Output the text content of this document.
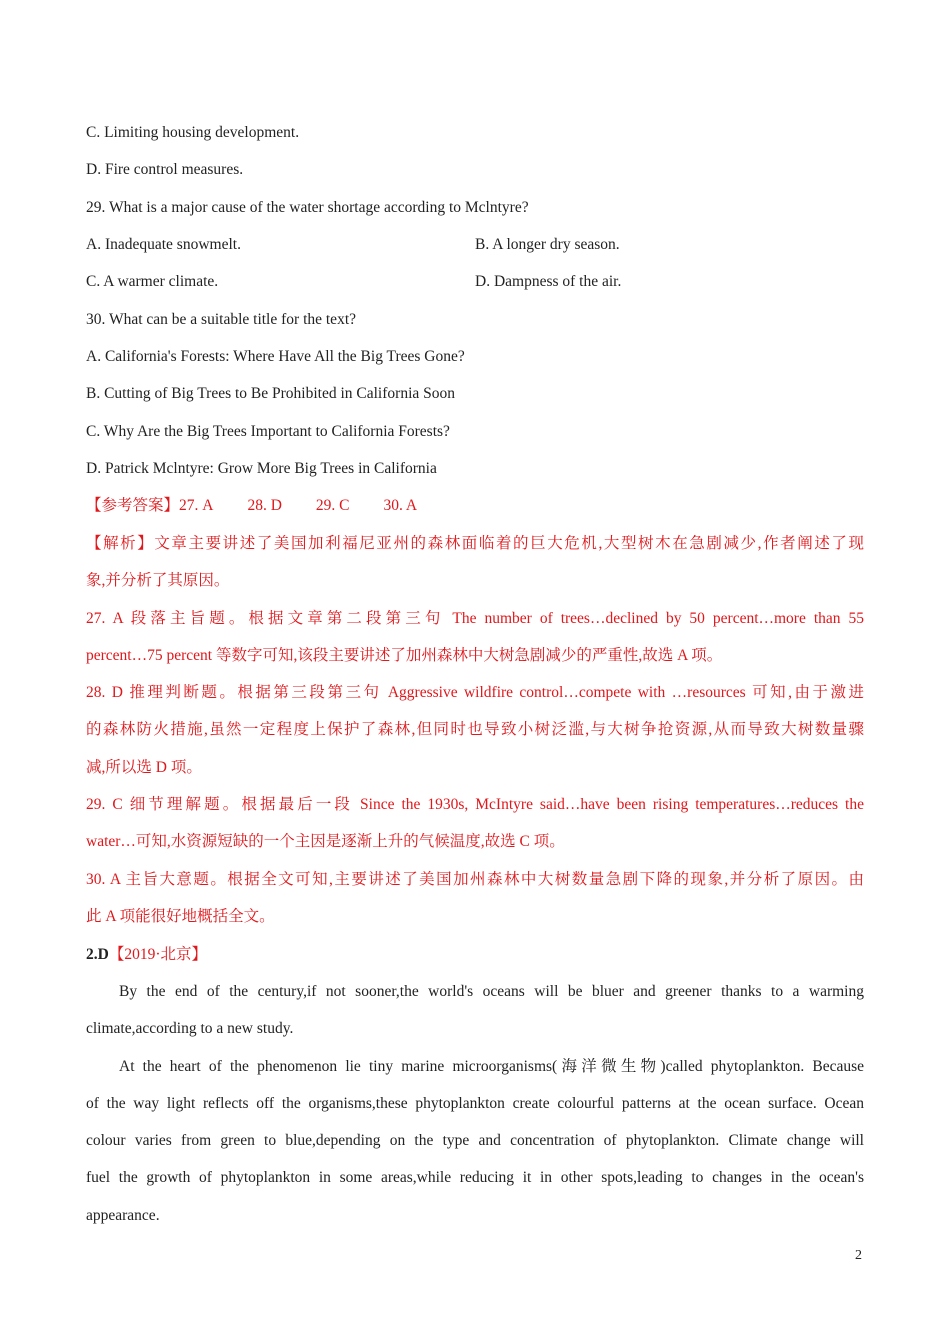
C. Limiting housing development.
D. Fire control measures.
29. What is a major cause of the water shortage according to Mclntyre?
A. Inadequate snowmelt.	B. A longer dry season.
C. A warmer climate.	D. Dampness of the air.
30. What can be a suitable title for the text?
A. California's Forests: Where Have All the Big Trees Gone?
B. Cutting of Big Trees to Be Prohibited in California Soon
C. Why Are the Big Trees Important to California Forests?
D. Patrick Mclntyre: Grow More Big Trees in California
【参考答案】27. A 28. D 29. C 30. A
【解析】文章主要讲述了美国加利福尼亚州的森林面临着的巨大危机,大型树木在急剧减少,作者阐述了现
象,并分析了其原因。
27. A 段落主旨题。根据文章第二段第三句 The number of trees…declined by 50 percent…more than 55
percent…75 percent 等数字可知,该段主要讲述了加州森林中大树急剧减少的严重性,故选 A 项。
28. D 推理判断题。根据第三段第三句 Aggressive wildfire control…compete with …resources 可知,由于激进
的森林防火措施,虽然一定程度上保护了森林,但同时也导致小树泛滥,与大树争抢资源,从而导致大树数量骤
减,所以选 D 项。
29. C 细节理解题。根据最后一段 Since the 1930s, McIntyre said…have been rising temperatures…reduces the
water…可知,水资源短缺的一个主因是逐渐上升的气候温度,故选 C 项。
30. A 主旨大意题。根据全文可知,主要讲述了美国加州森林中大树数量急剧下降的现象,并分析了原因。由
此 A 项能很好地概括全文。
2.D【2019·北京】
By the end of the century,if not sooner,the world's oceans will be bluer and greener thanks to a warming
climate,according to a new study.
At the heart of the phenomenon lie tiny marine microorganisms(海洋微生物)called phytoplankton. Because
of the way light reflects off the organisms,these phytoplankton create colourful patterns at the ocean surface. Ocean
colour varies from green to blue,depending on the type and concentration of phytoplankton. Climate change will
fuel the growth of phytoplankton in some areas,while reducing it in other spots,leading to changes in the ocean's
appearance.
2
